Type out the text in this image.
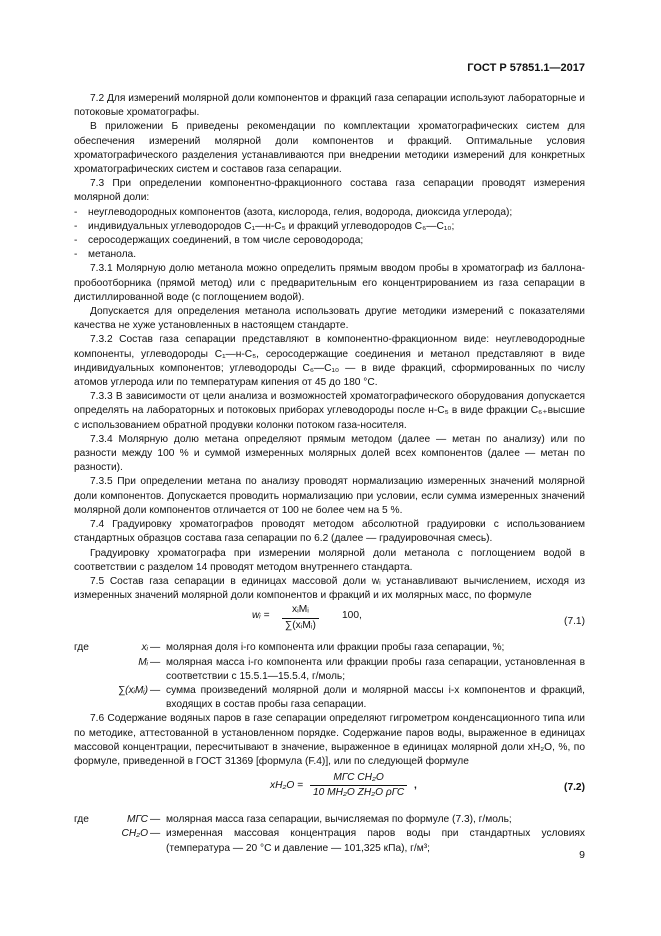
ГОСТ Р 57851.1—2017

7.2 Для измерений молярной доли компонентов и фракций газа сепарации используют лабораторные и потоковые хроматографы.

В приложении Б приведены рекомендации по комплектации хроматографических систем для обеспечения измерений молярной доли компонентов и фракций. Оптимальные условия хроматографического разделения устанавливаются при внедрении методики измерений для конкретных хроматографических систем и составов газа сепарации.

7.3 При определении компонентно-фракционного состава газа сепарации проводят измерения молярной доли:

- неуглеводородных компонентов (азота, кислорода, гелия, водорода, диоксида углерода);

- индивидуальных углеводородов С₁—н-С₅ и фракций углеводородов С₆—С₁₀;

- серосодержащих соединений, в том числе сероводорода;

- метанола.

7.3.1 Молярную долю метанола можно определить прямым вводом пробы в хроматограф из баллона-пробоотборника (прямой метод) или с предварительным его концентрированием из газа сепарации в дистиллированной воде (с поглощением водой).

Допускается для определения метанола использовать другие методики измерений с показателями качества не хуже установленных в настоящем стандарте.

7.3.2 Состав газа сепарации представляют в компонентно-фракционном виде: неуглеводородные компоненты, углеводороды С₁—н-С₅, серосодержащие соединения и метанол представляют в виде индивидуальных компонентов; углеводороды С₆—С₁₀ — в виде фракций, сформированных по числу атомов углерода или по температурам кипения от 45 до 180 °С.

7.3.3 В зависимости от цели анализа и возможностей хроматографического оборудования допускается определять на лабораторных и потоковых приборах углеводороды после н-С₅ в виде фракции С₆₊высшие с использованием обратной продувки колонки потоком газа-носителя.

7.3.4 Молярную долю метана определяют прямым методом (далее — метан по анализу) или по разности между 100 % и суммой измеренных молярных долей всех компонентов (далее — метан по разности).

7.3.5 При определении метана по анализу проводят нормализацию измеренных значений молярной доли компонентов. Допускается проводить нормализацию при условии, если сумма измеренных значений молярной доли компонентов отличается от 100 не более чем на 5 %.

7.4 Градуировку хроматографов проводят методом абсолютной градуировки с использованием стандартных образцов состава газа сепарации по 6.2 (далее — градуировочная смесь).

Градуировку хроматографа при измерении молярной доли метанола с поглощением водой в соответствии с разделом 14 проводят методом внутреннего стандарта.

7.5 Состав газа сепарации в единицах массовой доли wᵢ устанавливают вычислением, исходя из измеренных значений молярной доли компонентов и фракций и их молярных масс, по формуле

wᵢ =
xᵢMᵢ
∑(xᵢMᵢ)
100,
(7.1)
где	xᵢ — молярная доля i-го компонента или фракции пробы газа сепарации, %;
Mᵢ — молярная масса i-го компонента или фракции пробы газа сепарации, установленная в соответствии с 15.5.1—15.5.4, г/моль;
∑(xᵢMᵢ) — сумма произведений молярной доли и молярной массы i-х компонентов и фракций, входящих в состав пробы газа сепарации.

7.6 Содержание водяных паров в газе сепарации определяют гигрометром конденсационного типа или по методике, аттестованной в установленном порядке. Содержание паров воды, выраженное в единицах массовой концентрации, пересчитывают в значение, выраженное в единицах молярной доли xH₂O, %, по формуле, приведенной в ГОСТ 31369 [формула (F.4)], или по следующей формуле

xH₂O =
MГС CH₂O
10 MH₂O ZH₂O ρГС
,	(7.2)
где	MГС — молярная масса газа сепарации, вычисляемая по формуле (7.3), г/моль;
CH₂O — измеренная массовая концентрация паров воды при стандартных условиях (температура — 20 °С и давление — 101,325 кПа), г/м³;
9
